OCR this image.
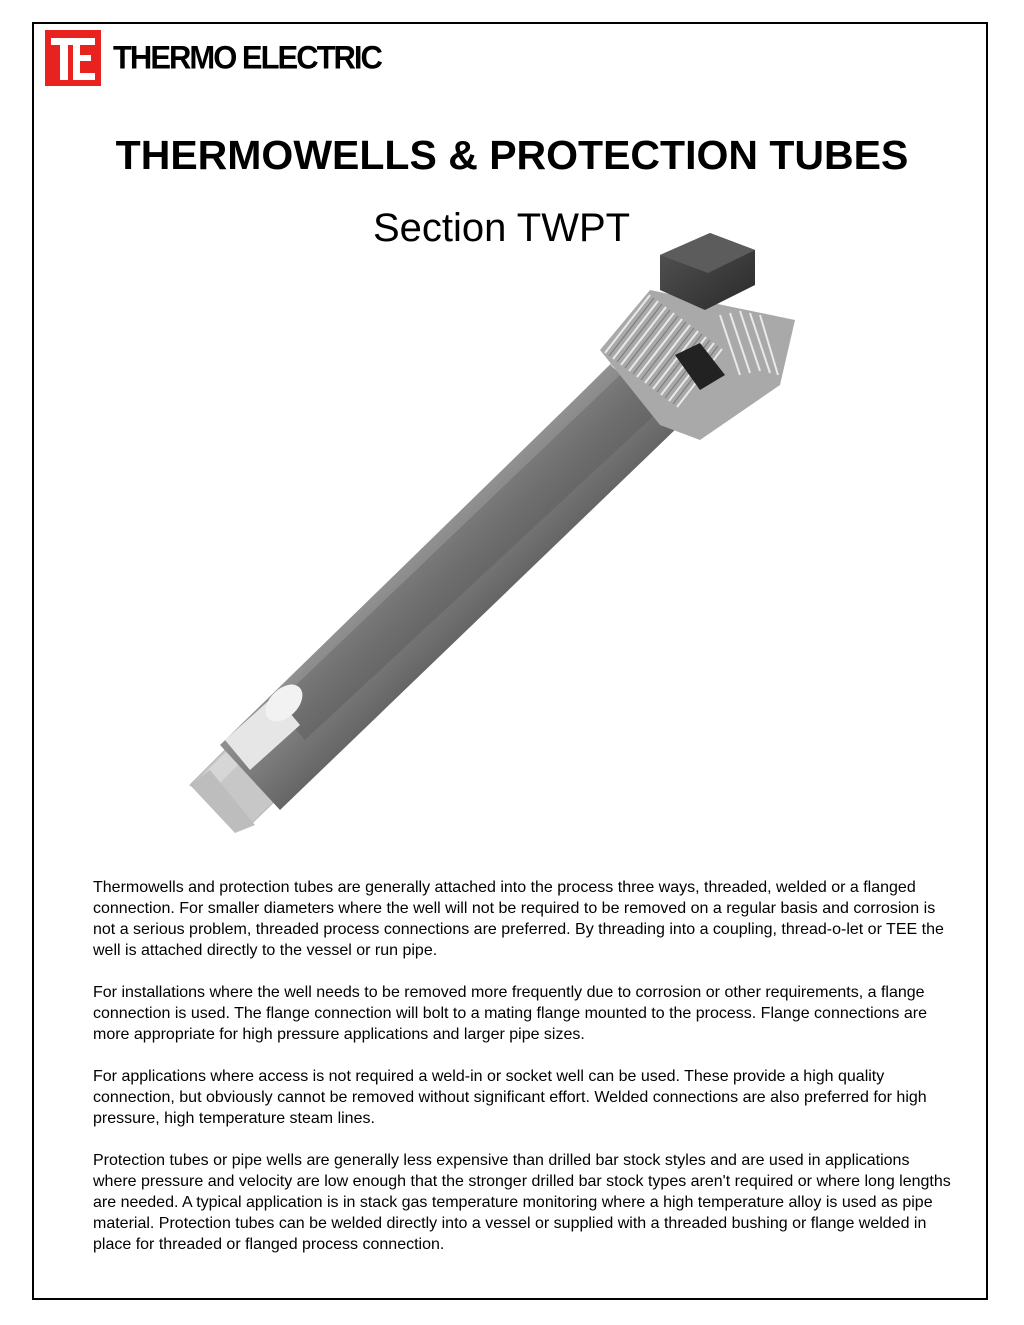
THERMO ELECTRIC
THERMOWELLS & PROTECTION TUBES
Section TWPT

Thermowells and protection tubes are generally attached into the process three ways, threaded, welded or a flanged connection. For smaller diameters where the well will not be required to be removed on a regular basis and corrosion is not a serious problem, threaded process connections are preferred. By threading into a coupling, thread-o-let or TEE the well is attached directly to the vessel or run pipe.

For installations where the well needs to be removed more frequently due to corrosion or other requirements, a flange connection is used. The flange connection will bolt to a mating flange mounted to the process. Flange connections are more appropriate for high pressure applications and larger pipe sizes.

For applications where access is not required a weld-in or socket well can be used. These provide a high quality connection, but obviously cannot be removed without significant effort. Welded connections are also preferred for high pressure, high temperature steam lines.

Protection tubes or pipe wells are generally less expensive than drilled bar stock styles and are used in applications where pressure and velocity are low enough that the stronger drilled bar stock types aren't required or where long lengths are needed. A typical application is in stack gas temperature monitoring where a high temperature alloy is used as pipe material. Protection tubes can be welded directly into a vessel or supplied with a threaded bushing or flange welded in place for threaded or flanged process connection.
